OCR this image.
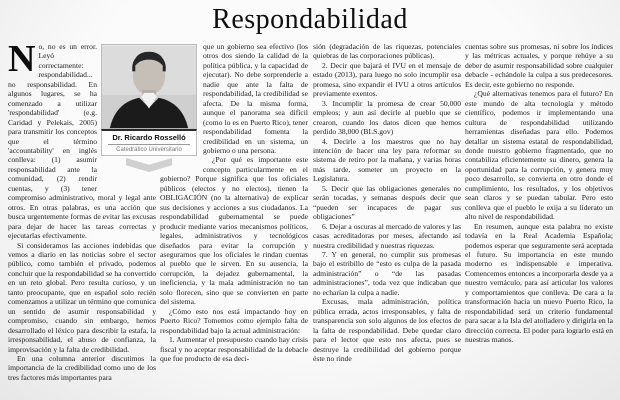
Respondabilidad

No, no es un error. Leyó correctamente: respondabilidad... no responsabilidad. En algunos lugares, se ha comenzado a utilizar 'respondabilidad' (e.g. Caridad y Pelekais, 2005) para transmitir los conceptos que el término 'accountability' en inglés conlleva: (1) asumir responsabilidad ante la comunidad, (2) rendir cuentas, y (3) tener compromiso administrativo, moral y legal ante otros. En otras palabras, es una acción que busca urgentemente formas de evitar las excusas para dejar de hacer las tareas correctas y ejecutarlas efectivamente.

Si consideramos las acciones indebidas que vemos a diario en las noticias sobre el sector público, como también el privado, podemos concluir que la respondabilidad se ha convertido en un reto global. Pero resulta curioso, y un tanto preocupante, que en español solo recién comenzamos a utilizar un término que comunica un sentido de asumir responsabilidad y compromiso, cuando sin embargo, hemos desarrollado el léxico para describir la estafa, la irresponsabilidad, el abuso de confianza, la improvisación y la falta de credibilidad.

En una columna anterior discutimos la importancia de la credibilidad como uno de los tres factores más importantes para

que un gobierno sea efectivo (los otros dos siendo la calidad de la política pública, y la capacidad de ejecutar). No debe sorprenderle a nadie que ante la falta de respondabilidad, la credibilidad se afecta. De la misma forma, aunque el panorama sea difícil (como lo es en Puerto Rico), tener respondabilidad fomenta la credibilidad en un sistema, un gobierno o una persona.

¿Por qué es importante este concepto particularmente en el gobierno? Porque significa que los oficiales públicos (electos y no electos), tienen la OBLIGACIÓN (no la alternativa) de explicar sus decisiones y acciones a sus ciudadanos. La respondabilidad gubernamental se puede producir mediante varios mecanismos políticos, legales, administrativos y tecnológicos diseñados para evitar la corrupción y asegurarnos que los oficiales le rindan cuentas al pueblo que le sirven. En su ausencia, la corrupción, la dejadez gubernamental, la ineficiencia, y la mala administración no tan solo florecen, sino que se convierten en parte del sistema.

¿Cómo esto nos está impactando hoy en Puerto Rico? Tomemos como ejemplo falta de respondabilidad bajo la actual administración:

1. Aumentar el presupuesto cuando hay crisis fiscal y no aceptar responsabilidad de la debacle que fue producto de esa deci-

sión (degradación de las riquezas, potenciales quiebras de las corporaciones públicas).

2. Decir que bajará el IVU en el mensaje de estado (2013), para luego no solo incumplir esa promesa, sino expandir el IVU a otros artículos previamente exentos.

3. Incumplir la promesa de crear 50,000 empleos; y aun así decirle al pueblo que se crearon, cuando los datos dicen que hemos perdido 38,000 (BLS.gov)

4. Decirle a los maestros que no hay intención de hacer una ley para reformar su sistema de retiro por la mañana, y varias horas más tarde, someter un proyecto en la Legislatura.

5. Decir que las obligaciones generales no serán tocadas, y semanas después decir que “pueden ser incapaces de pagar sus obligaciones”

6. Dejar a oscuras al mercado de valores y las casas acreditadoras por meses, afectando así nuestra credibilidad y nuestras riquezas.

7. Y en general, no cumplir sus promesas bajo el estribillo de “esto es culpa de la pasada administración” o “de las pasadas administraciones”, toda vez que indicaban que no echarían la culpa a nadie.

Excusas, mala administración, política pública errada, actos irresponsables, y falta de transparencia son solo algunos de los efectos de la falta de respondabilidad. Debe quedar claro para el lector que esto nos afecta, pues se destruye la credibilidad del gobierno porque éste no rinde

cuentas sobre sus promesas, ni sobre los índices y las métricas actuales, y porque rehúye a su deber de asumir responsabilidad sobre cualquier debacle - echándole la culpa a sus predecesores. Es decir, este gobierno no responde.

¿Qué alternativas tenemos para el futuro? En este mundo de alta tecnología y método científico, podemos ir implementando una cultura de respondabilidad utilizando herramientas diseñadas para ello. Podemos detallar un sistema estatal de respondabilidad, donde nuestro gobierno fragmentado, que no contabiliza eficientemente su dinero, genera la oportunidad para la corrupción, y genera muy poco desarrollo, se convierta en otro donde el cumplimiento, los resultados, y los objetivos sean claros y se puedan tabular. Pero esto conlleva que el pueblo le exija a su liderato un alto nivel de respondabilidad.

En resumen, aunque esta palabra no existe todavía en la Real Academia Española; podemos esperar que seguramente será aceptada el futuro. Su importancia en este mundo moderno es indispensable e imperativa. Comencemos entonces a incorporarla desde ya a nuestro vernáculo, para así articular los valores y comportamientos que conlleva. De cara a la transformación hacia un nuevo Puerto Rico, la respondabilidad será un criterio fundamental para sacar a la Isla del atolladero y dirigirla en la dirección correcta. El poder para lograrlo está en nuestras manos.

Dr. Ricardo Rosselló
Catedrático Universitario
